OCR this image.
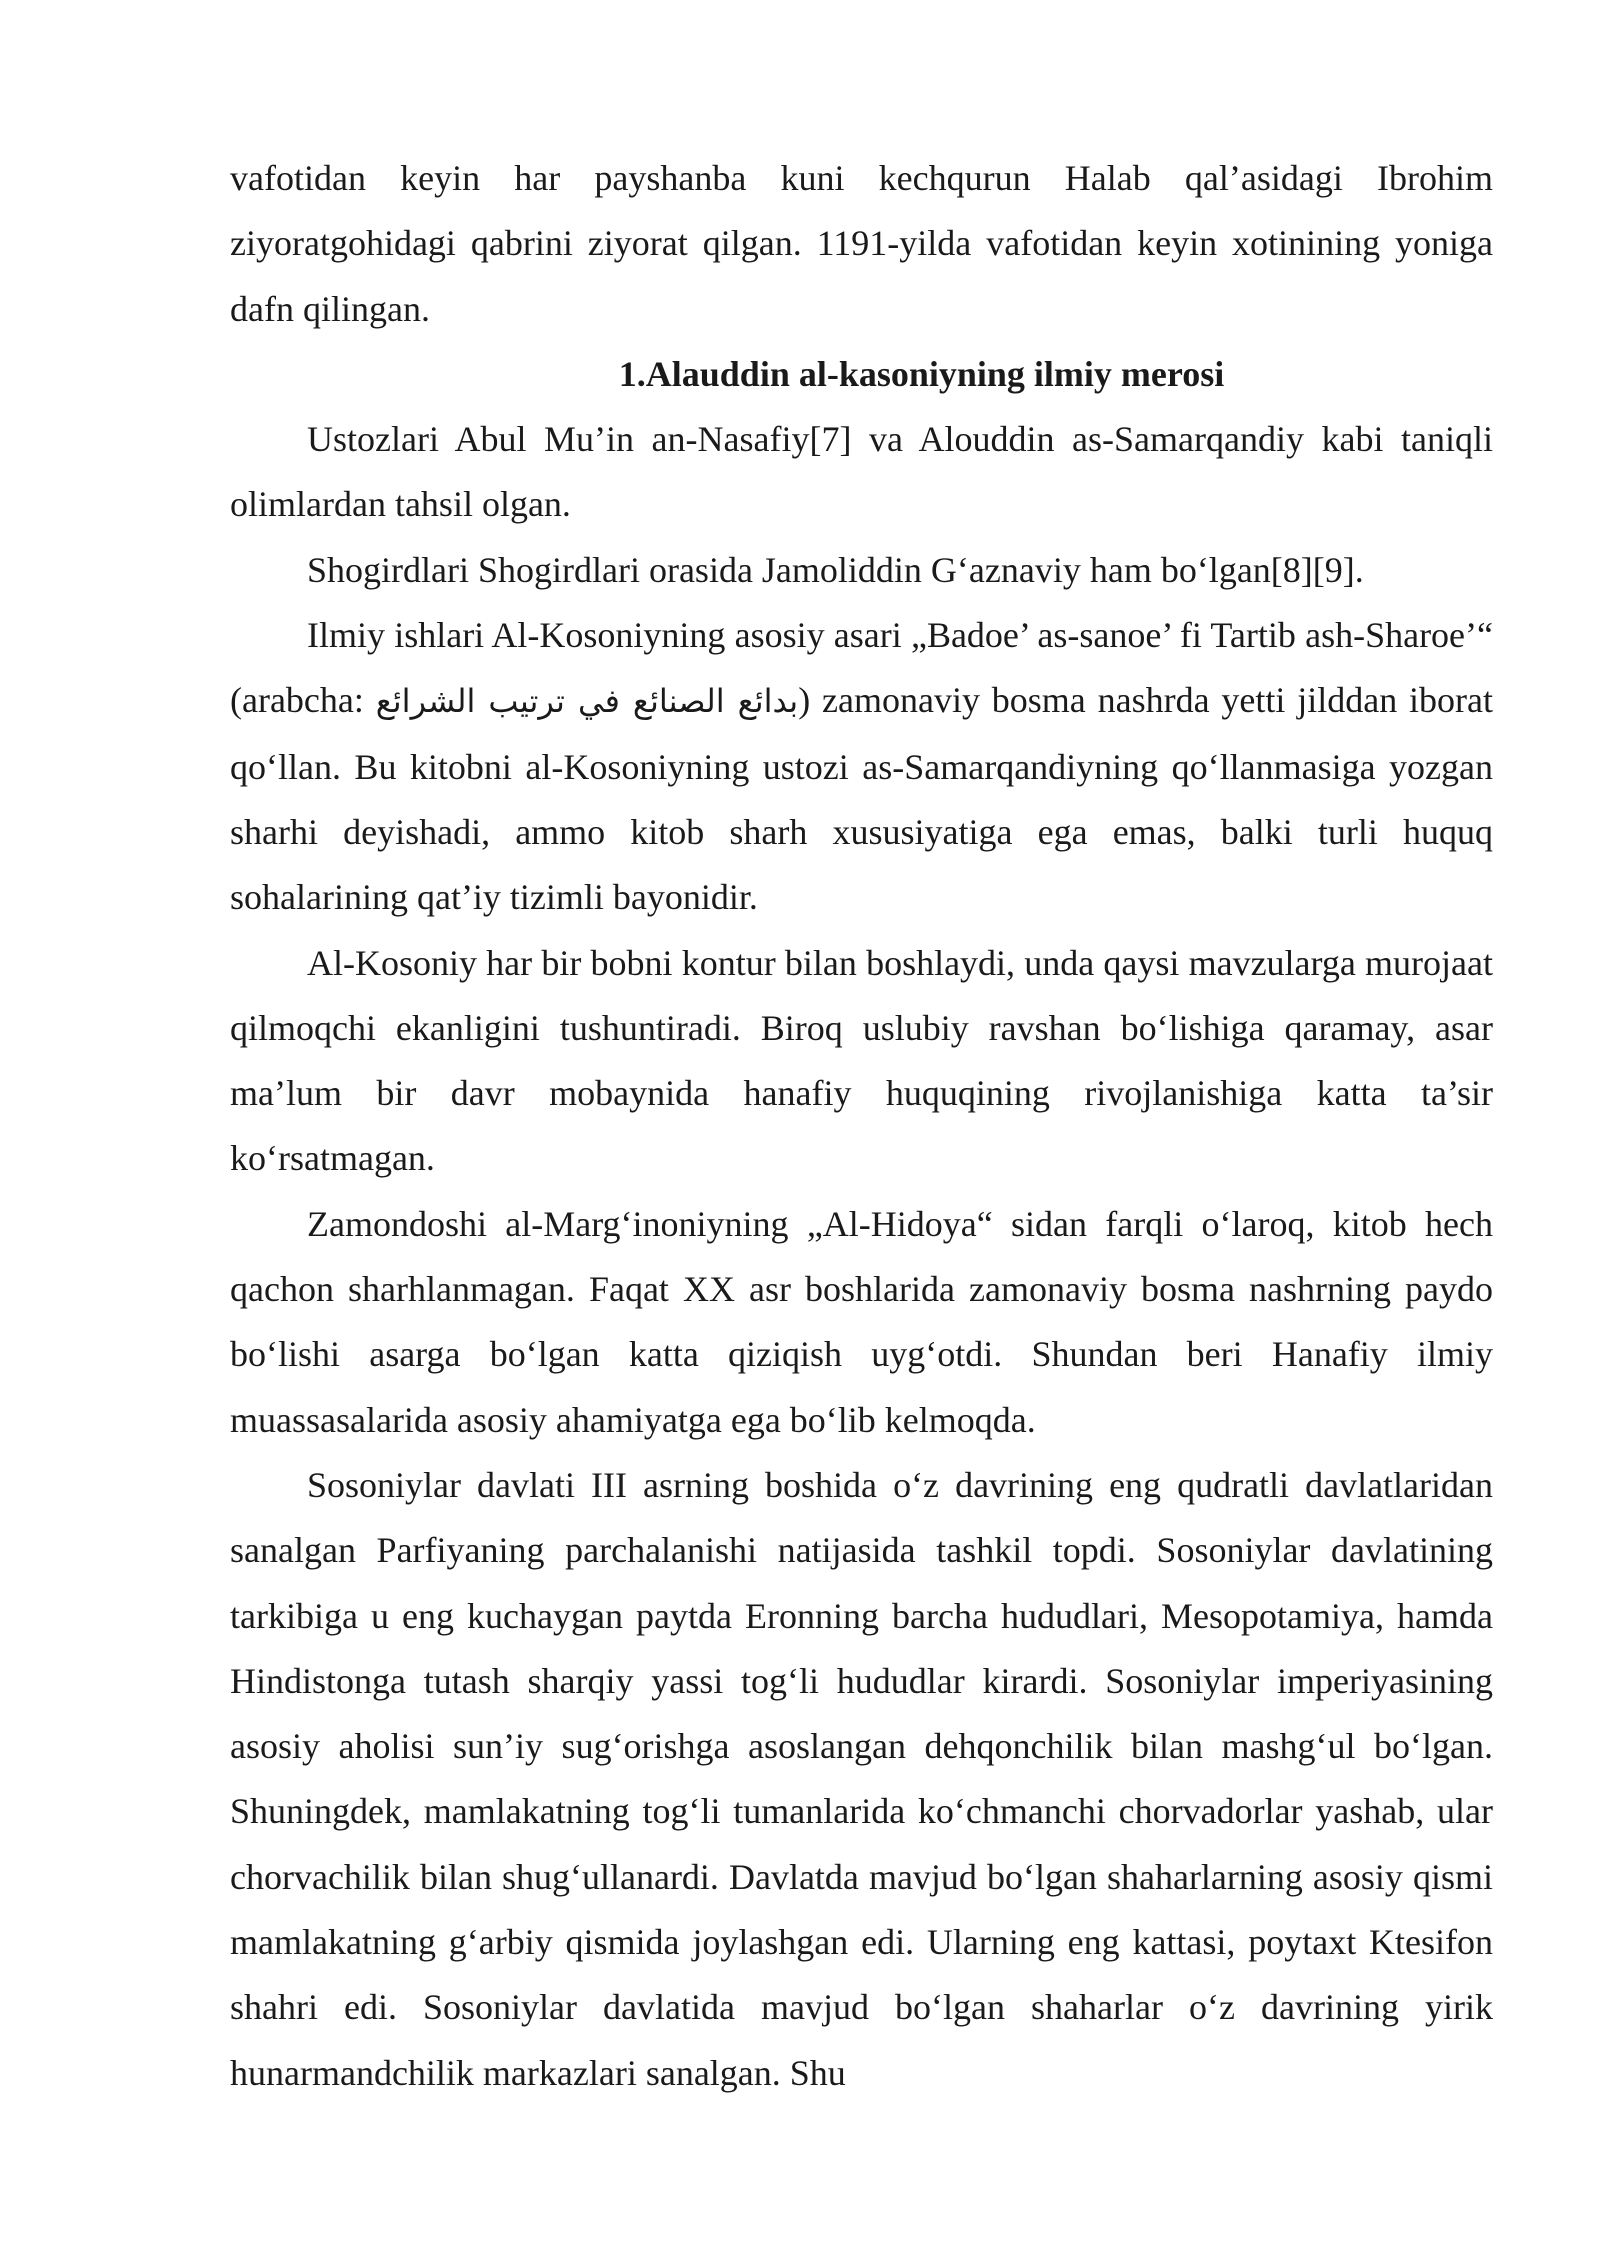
vafotidan keyin har payshanba kuni kechqurun Halab qal’asidagi Ibrohim ziyoratgohidagi qabrini ziyorat qilgan. 1191-yilda vafotidan keyin xotinining yoniga dafn qilingan.

1.Alauddin al-kasoniyning ilmiy merosi

Ustozlari Abul Mu’in an-Nasafiy[7] va Alouddin as-Samarqandiy kabi taniqli olimlardan tahsil olgan.

Shogirdlari Shogirdlari orasida Jamoliddin G‘aznaviy ham bo‘lgan[8][9].

Ilmiy ishlari Al-Kosoniyning asosiy asari „Badoe’ as-sanoe’ fi Tartib ash-Sharoe’“ (arabcha: بدائع الصنائع في ترتيب الشرائع) zamonaviy bosma nashrda yetti jilddan iborat qo‘llan. Bu kitobni al-Kosoniyning ustozi as-Samarqandiyning qo‘llanmasiga yozgan sharhi deyishadi, ammo kitob sharh xususiyatiga ega emas, balki turli huquq sohalarining qat’iy tizimli bayonidir.

Al-Kosoniy har bir bobni kontur bilan boshlaydi, unda qaysi mavzularga murojaat qilmoqchi ekanligini tushuntiradi. Biroq uslubiy ravshan bo‘lishiga qaramay, asar ma’lum bir davr mobaynida hanafiy huquqining rivojlanishiga katta ta’sir ko‘rsatmagan.

Zamondoshi al-Marg‘inoniyning „Al-Hidoya“ sidan farqli o‘laroq, kitob hech qachon sharhlanmagan. Faqat XX asr boshlarida zamonaviy bosma nashrning paydo bo‘lishi asarga bo‘lgan katta qiziqish uyg‘otdi. Shundan beri Hanafiy ilmiy muassasalarida asosiy ahamiyatga ega bo‘lib kelmoqda.

Sosoniylar davlati III asrning boshida o‘z davrining eng qudratli davlatlaridan sanalgan Parfiyaning parchalanishi natijasida tashkil topdi. Sosoniylar davlatining tarkibiga u eng kuchaygan paytda Eronning barcha hududlari, Mesopotamiya, hamda Hindistonga tutash sharqiy yassi tog‘li hududlar kirardi. Sosoniylar imperiyasining asosiy aholisi sun’iy sug‘orishga asoslangan dehqonchilik bilan mashg‘ul bo‘lgan. Shuningdek, mamlakatning tog‘li tumanlarida ko‘chmanchi chorvadorlar yashab, ular chorvachilik bilan shug‘ullanardi. Davlatda mavjud bo‘lgan shaharlarning asosiy qismi mamlakatning g‘arbiy qismida joylashgan edi. Ularning eng kattasi, poytaxt Ktesifon shahri edi. Sosoniylar davlatida mavjud bo‘lgan shaharlar o‘z davrining yirik hunarmandchilik markazlari sanalgan. Shu
